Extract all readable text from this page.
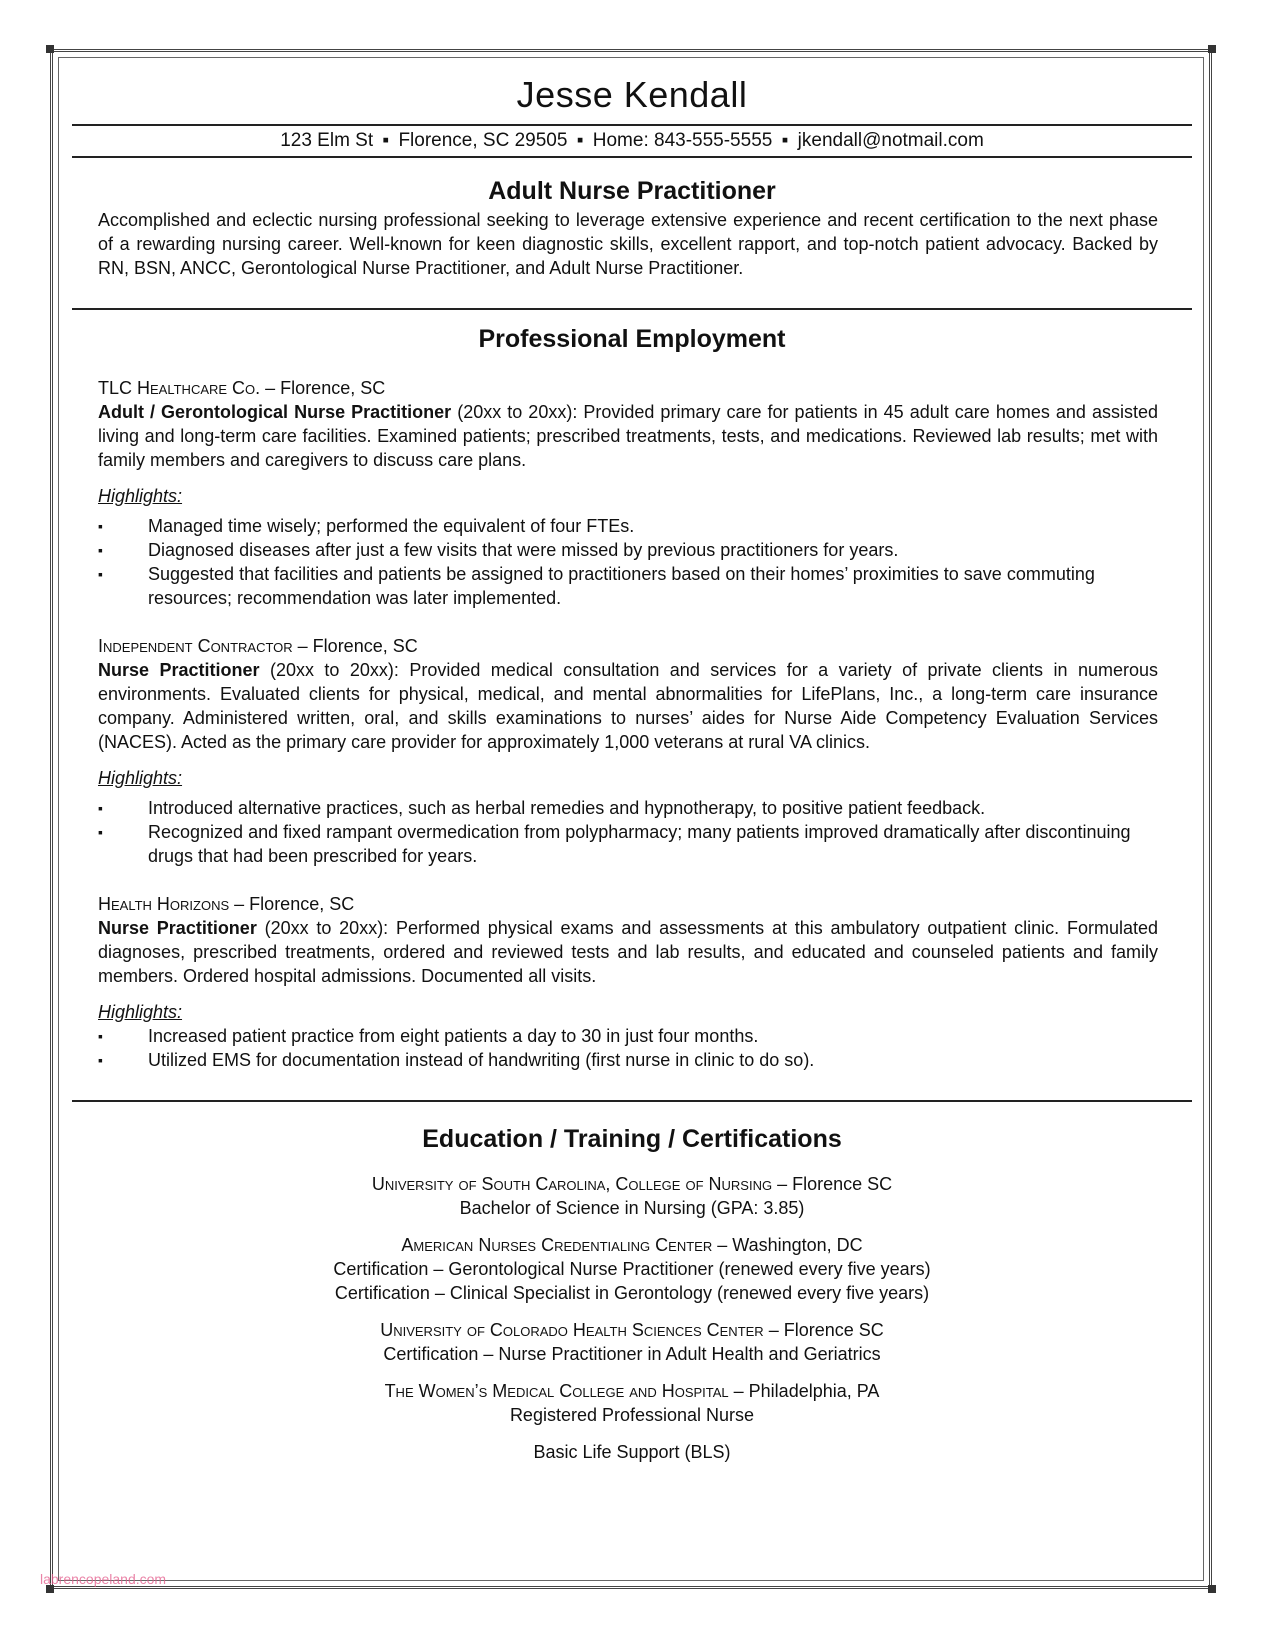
Jesse Kendall
123 Elm St ▪ Florence, SC 29505 ▪ Home: 843-555-5555 ▪ jkendall@notmail.com
Adult Nurse Practitioner

Accomplished and eclectic nursing professional seeking to leverage extensive experience and recent certification to the next phase of a rewarding nursing career. Well-known for keen diagnostic skills, excellent rapport, and top-notch patient advocacy. Backed by RN, BSN, ANCC, Gerontological Nurse Practitioner, and Adult Nurse Practitioner.

Professional Employment
TLC Healthcare Co. – Florence, SC

Adult / Gerontological Nurse Practitioner (20xx to 20xx): Provided primary care for patients in 45 adult care homes and assisted living and long-term care facilities. Examined patients; prescribed treatments, tests, and medications. Reviewed lab results; met with family members and caregivers to discuss care plans.

Highlights:
▪	Managed time wisely; performed the equivalent of four FTEs.
▪	Diagnosed diseases after just a few visits that were missed by previous practitioners for years.
▪	Suggested that facilities and patients be assigned to practitioners based on their homes’ proximities to save commuting resources; recommendation was later implemented.
Independent Contractor – Florence, SC

Nurse Practitioner (20xx to 20xx): Provided medical consultation and services for a variety of private clients in numerous environments. Evaluated clients for physical, medical, and mental abnormalities for LifePlans, Inc., a long-term care insurance company. Administered written, oral, and skills examinations to nurses’ aides for Nurse Aide Competency Evaluation Services (NACES). Acted as the primary care provider for approximately 1,000 veterans at rural VA clinics.

Highlights:
▪	Introduced alternative practices, such as herbal remedies and hypnotherapy, to positive patient feedback.
▪	Recognized and fixed rampant overmedication from polypharmacy; many patients improved dramatically after discontinuing drugs that had been prescribed for years.
Health Horizons – Florence, SC

Nurse Practitioner (20xx to 20xx): Performed physical exams and assessments at this ambulatory outpatient clinic. Formulated diagnoses, prescribed treatments, ordered and reviewed tests and lab results, and educated and counseled patients and family members. Ordered hospital admissions. Documented all visits.

Highlights:
▪	Increased patient practice from eight patients a day to 30 in just four months.
▪	Utilized EMS for documentation instead of handwriting (first nurse in clinic to do so).
Education / Training / Certifications
University of South Carolina, College of Nursing – Florence SC
Bachelor of Science in Nursing (GPA: 3.85)
American Nurses Credentialing Center – Washington, DC
Certification – Gerontological Nurse Practitioner (renewed every five years)
Certification – Clinical Specialist in Gerontology (renewed every five years)
University of Colorado Health Sciences Center – Florence SC
Certification – Nurse Practitioner in Adult Health and Geriatrics
The Women’s Medical College and Hospital – Philadelphia, PA
Registered Professional Nurse
Basic Life Support (BLS)
labrencopeland.com
